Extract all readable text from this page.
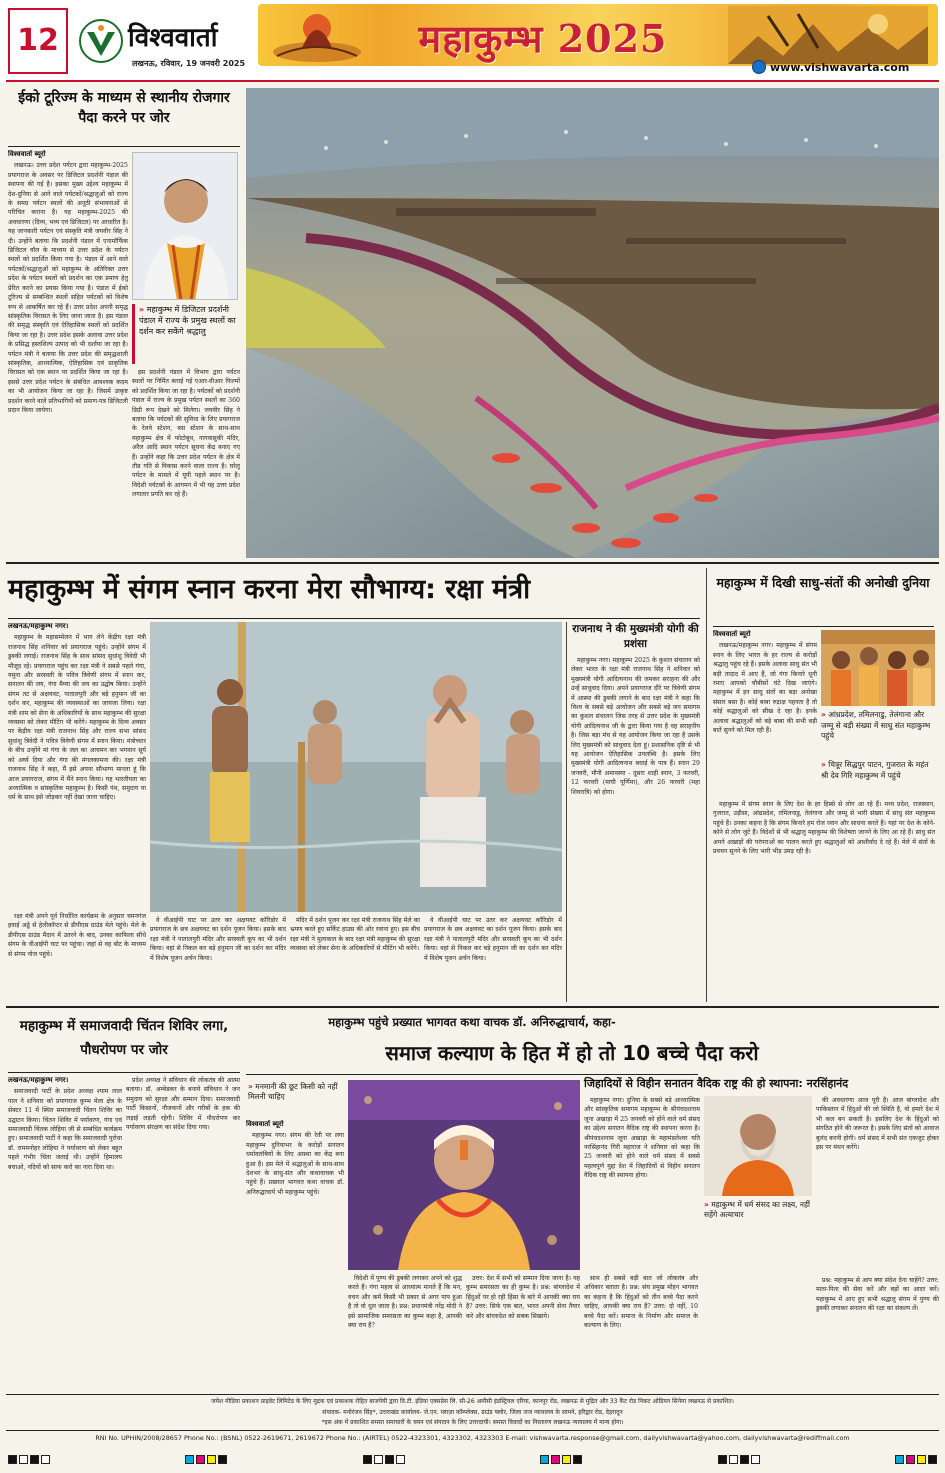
12	विश्ववार्ता
लखनऊ, रविवार, 19 जनवरी 2025
महाकुम्भ 2025
www.vishwavarta.com
ईको टूरिज्म के माध्यम से स्थानीय रोजगार पैदा करने पर जोर
विश्ववार्ता ब्यूरो

लखनऊ। उत्तर प्रदेश पर्यटन द्वारा महाकुम्भ-2025 प्रयागराज के अवसर पर डिजिटल प्रदर्शनी पंडाल की स्थापना की गई है। इसका मुख्य उद्देश्य महाकुम्भ में देश-दुनिया से आने वाले पर्यटकों/श्रद्धालुओं को राज्य के समग्र पर्यटन स्थलों की अनूठी संभावनाओं से परिचित कराना है। यह महाकुम्भ-2025 की अवधारणा (दिव्य, भव्य एवं डिजिटल) पर आधारित है। यह जानकारी पर्यटन एवं संस्कृति मंत्री जयवीर सिंह ने दी। उन्होंने बताया कि प्रदर्शनी पंडाल में एनामॉर्फिक डिजिटल वॉल के माध्यम से उत्तर प्रदेश के पर्यटन स्थलों को प्रदर्शित किया गया है। पंडाल में आने वाले पर्यटकों/श्रद्धालुओं को महाकुम्भ के अतिरिक्त उत्तर प्रदेश के पर्यटन स्थलों को प्रदर्शन का एक प्रमाण हेतु प्रेरित करने का प्रयास किया गया है। पंडाल में ईको टूरिज्म से सम्बन्धित स्थलों सहित पर्यटकों को विशेष रूप से आकर्षित कर रहे हैं। उत्तर प्रदेश अपनी समृद्ध सांस्कृतिक विरासत के लिए जाना जाता है। इस पंडाल की समृद्ध संस्कृति एवं ऐतिहासिक स्थलों को प्रदर्शित किया जा रहा है। उत्तर प्रदेश इसके अलावा उत्तर प्रदेश के प्रसिद्ध हस्तशिल्प उत्पाद को भी दर्शाया जा रहा है। पर्यटन मंत्री ने बताया कि उत्तर प्रदेश की समृद्धशाली सांस्कृतिक, आध्यात्मिक, ऐतिहासिक एवं प्राकृतिक विरासत को एक स्थान पर प्रदर्शित किया जा रहा है। इससे उत्तर प्रदेश पर्यटन के संबंधित आवश्यक कदम का भी आयोजन किया जा रहा है। जिसमें उत्कृष्ट प्रदर्शन करने वाले प्रतिभागियों को प्रमाण-पत्र डिजिटली प्रदान किया जायेगा।

» महाकुम्भ में डिजिटल प्रदर्शनी पंडाल में राज्य के प्रमुख स्थलों का दर्शन कर सकेंगे श्रद्धालु

इस प्रदर्शनी पंडाल में विभाग द्वारा पर्यटन स्थलों पर निर्मित कराई गई एआर-वीआर फिल्मों को प्रदर्शित किया जा रहा है। पर्यटकों को प्रदर्शनी पंडाल में राज्य के प्रमुख पर्यटन स्थलों का 360 डिग्री रूप देखने को मिलेगा। जयवीर सिंह ने बताया कि पर्यटकों की सुविधा के लिए प्रयागराज के रेलवे स्टेशन, बस स्टेशन के साथ-साथ महाकुम्भ क्षेत्र में फोटोबूथ, नागवासुकी मंदिर, अरैल आदि स्थान पर्यटन सूचना केंद्र बनाए गए हैं। उन्होंने कहा कि उत्तर प्रदेश पर्यटन के क्षेत्र में तीव्र गति से विकास करने वाला राज्य है। घरेलू पर्यटन के मामले में यूपी पहले स्थान पर है। विदेशी पर्यटकों के आगमन में भी यह उत्तर प्रदेश लगातार प्रगति कर रहे हैं।

महाकुम्भ में संगम स्नान करना मेरा सौभाग्य: रक्षा मंत्री
लखनऊ/महाकुम्भ नगर।

महाकुम्भ के महासम्मेलन में भाग लेने केंद्रीय रक्षा मंत्री राजनाथ सिंह शनिवार को प्रयागराज पहुंचे। उन्होंने संगम में डुबकी लगाई। राजनाथ सिंह के साथ सांसद सुधांशु त्रिवेदी भी मौजूद रहे। प्रयागराज पहुंच कर रक्षा मंत्री ने सबसे पहले गंगा, यमुना और सरस्वती के पवित्र त्रिवेणी संगम में स्नान कर, सनातन की जय, गंगा मैय्या की जय का उद्घोष किया। उन्होंने संगम तट से अक्षयवट, पातालपुरी और बड़े हनुमान जी का दर्शन कर, महाकुम्भ की व्यवस्थाओं का जायजा लिया। रक्षा मंत्री शाम को सेना के अधिकारियों के साथ महाकुम्भ की सुरक्षा व्यवस्था को लेकर मीटिंग भी करेंगे। महाकुम्भ के दिव्य अवसर पर केंद्रीय रक्षा मंत्री राजनाथ सिंह और राज्य सभा सांसद सुधांशु त्रिवेदी ने पवित्र त्रिवेणी संगम में स्नान किया। मंत्रोच्चार के बीच उन्होंने मां गंगा के जल का आचमन कर भगवान सूर्य को अर्घ्य दिया और गंगा की मंगलकामना की। रक्षा मंत्री राजनाथ सिंह ने कहा, मैं इसे अपना सौभाग्य मानता हूं कि आज प्रयागराज, संगम में मैंने स्नान किया। यह भारतीयता का अध्यात्मिक व सांस्कृतिक महाकुम्भ है। किसी पंथ, समुदाय या धर्म के साथ इसे जोड़कर नहीं देखा जाना चाहिए।

रक्षा मंत्री अपने पूर्व निर्धारित कार्यक्रम के अनुसार चमनगंज हवाई अड्डे से हेलीकॉप्टर से डीपीएस ग्राउंड मेले पहुंचे। मेले के डीपीएस ग्राउंड मैदान में उतरने के बाद, उनका काफिला सीधे संगम के वीआईपी घाट पर पहुंचा। जहां से वह बोट के माध्यम से संगम नोज पहुंचे।

वे वीआईपी घाट पर उतर कर अक्षयवट कॉरिडोर में प्रयागराज के छत्र अक्षयवट का दर्शन पूजन किया। इसके बाद रक्षा मंत्री ने पातालपुरी मंदिर और सरस्वती कूप का भी दर्शन किया। वहां से निकल कर बड़े हनुमान जी का दर्शन कर मंदिर में विशेष पूजन अर्चन किया।

मंदिर में दर्शन पूजन कर रक्षा मंत्री राजनाथ सिंह मेले का भ्रमण करते हुए सर्किट हाउस की ओर रवाना हुए। इस बीच रक्षा मंत्री ने मुलाकात के बाद रक्षा मंत्री महाकुम्भ की सुरक्षा व्यवस्था को लेकर सेना के अधिकारियों से मीटिंग भी करेंगे।

वे वीआईपी घाट पर उतर कर अक्षयवट कॉरिडोर में प्रयागराज के छत्र अक्षयवट का दर्शन पूजन किया। इसके बाद रक्षा मंत्री ने पातालपुरी मंदिर और सरस्वती कूप का भी दर्शन किया। वहां से निकल कर बड़े हनुमान जी का दर्शन कर मंदिर में विशेष पूजन अर्चन किया।

राजनाथ ने की मुख्यमंत्री योगी की प्रशंसा

महाकुम्भ नगर। महाकुम्भ 2025 के कुशल संचालन को लेकर भारत के रक्षा मंत्री राजनाथ सिंह ने शनिवार को मुख्यमंत्री योगी आदित्यनाथ की जमकर सराहना की और उन्हें साधुवाद दिया। अपने प्रयागराज दौरे पर त्रिवेणी संगम में आस्था की डुबकी लगाने के बाद रक्षा मंत्री ने कहा कि विश्व के सबसे बड़े आयोजन और सबसे बड़े जन समागम का कुशल संचालन जिस तरह से उत्तर प्रदेश के मुख्यमंत्री योगी आदित्यनाथ जी के द्वारा किया गया है वह सराहनीय है। जिस बड़ा मंच से यह आयोजन किया जा रहा है उसके लिए मुख्यमंत्री को साधुवाद देता हूं। प्रशासनिक दृष्टि से भी यह आयोजन ऐतिहासिक उपलब्धि है। इसके लिए मुख्यमंत्री योगी आदित्यनाथ बधाई के पात्र हैं। स्नान 29 जनवरी, मौनी अमावस्या - दूसरा शाही स्नान, 3 फरवरी, 12 फरवरी (माघी पूर्णिमा), और 26 फरवरी (महा शिवरात्रि) को होगा।

महाकुम्भ में दिखी साधु-संतों की अनोखी दुनिया
विश्ववार्ता ब्यूरो

लखनऊ/महाकुम्भ नगर। महाकुम्भ में संगम स्नान के लिए भारत के हर राज्य से करोड़ों श्रद्धालु पहुंच रहे हैं। इसके अलावा साधु संत भी बड़ी तादाद में आए हैं, जो गंगा किनारे धूनी रमाए आपको चौबीसों घंटे दिख जाएंगे। महाकुम्भ में इन साधु संतों का बड़ा अनोखा संसार बसा है। कोई बाबा रुद्राक्ष पहनता है तो कोई श्रद्धालुओं को सीख दे रहा है। इनके अलावा श्रद्धालुओं को बड़े बाबा की सभी बड़ी बातें सुनने को मिल रही हैं।

» आंध्रप्रदेश, तमिलनाडु, तेलंगाना और जम्मू से बड़ी संख्या में साधु संत महाकुम्भ पहुंचे
» चित्रूर सिद्धपुर पाटन, गुजरात के महंत श्री देव गिरि महाकुम्भ में पहुंचे

महाकुम्भ में संगम स्नान के लिए देश के हर हिस्से से लोग आ रहे हैं। मध्य प्रदेश, राजस्थान, गुजरात, उड़ीसा, आंध्रप्रदेश, तमिलनाडु, तेलंगाना और जम्मू से भारी संख्या में साधु संत महाकुम्भ पहुंचे हैं। उनका कहना है कि संगम किनारे हम रोज ध्यान और साधना करते हैं। यहां पर देश के कोने-कोने से लोग जुटे हैं। विदेशों से भी श्रद्धालु महाकुम्भ की विशेषता जानने के लिए आ रहे हैं। साधु संत अपने अखाड़ों की परंपराओं का पालन करते हुए श्रद्धालुओं को आशीर्वाद दे रहे हैं। मेले में संतों के प्रवचन सुनने के लिए भारी भीड़ उमड़ रही है।

महाकुम्भ में समाजवादी चिंतन शिविर लगा, पौधरोपण पर जोर
लखनऊ/महाकुम्भ नगर।

समाजवादी पार्टी के प्रदेश अध्यक्ष श्याम लाल पाल ने शनिवार को प्रयागराज कुम्भ मेला क्षेत्र के सेक्टर 11 में स्थित समाजवादी चिंतन शिविर का उद्घाटन किया। चिंतन शिविर में पर्यावरण, गंगा एवं समाजवादी चिंतक लोहिया जी से सम्बंधित कार्यक्रम हुए। समाजवादी पार्टी ने कहा कि समाजवादी पुरोधा डॉ. राममनोहर लोहिया ने पर्यावरण को लेकर बहुत पहले गंभीर चिंता जताई थी। उन्होंने हिमालय बचाओ, नदियों को साफ करो का नारा दिया था।

प्रदेश अध्यक्ष ने संविधान की लोकतंत्र की आत्मा बताया। डॉ. अम्बेडकर के बनाये संविधान ने जन समुदाय को सुरक्षा और सम्मान दिया। समाजवादी पार्टी किसानों, नौजवानों और गरीबों के हक की लड़ाई लड़ती रहेगी। शिविर में पौधरोपण कर पर्यावरण संरक्षण का संदेश दिया गया।

महाकुम्भ पहुंचे प्रख्यात भागवत कथा वाचक डॉ. अनिरुद्धाचार्य, कहा-
समाज कल्याण के हित में हो तो 10 बच्चे पैदा करो
» मनमानी की छूट किसी को नहीं मिलनी चाहिए
विश्ववार्ता ब्यूरो

महाकुम्भ नगर। संगम की रेती पर लगा महाकुम्भ दुनियाभर के करोड़ों सनातन धर्मावलंबियों के लिए आस्था का केंद्र बना हुआ है। इस मेले में श्रद्धालुओं के साथ-साथ देशभर के साधु-संत और कथावाचक भी पहुंचे हैं। प्रख्यात भागवत कथा वाचक डॉ. अनिरुद्धाचार्य भी महाकुम्भ पहुंचे।

विदेशी में पुण्य की डुबकी लगाकर अपने को शुद्ध करते हैं। गंगा महत्व से आध्यात्म मानते हैं कि मन, वचन और कर्म किसी भी प्रकार से अगर पाप हुआ है तो वो धुल जाता है। प्रश्न: प्रधानमंत्री नरेंद्र मोदी ने इसे सामाजिक समरसता का कुम्भ कहा है, आपकी क्या राय है?

उत्तर: देश में सभी को सम्मान दिया जाना है। यह कुम्भ समरसता का ही कुम्भ है। प्रश्न: बांग्लादेश में हिंदुओं पर हो रही हिंसा के बारे में आपकी क्या राय है? उत्तर: सिर्फ एक बात, भारत अपनी सेना तैयार करे और बांग्लादेश को सबक सिखाये।

साथ ही सबसे बड़ी बात जो लोकतंत्र और अधिकार बताता है। प्रश्न: संघ प्रमुख मोहन भागवत का कहना है कि हिंदुओं को तीन बच्चे पैदा करने चाहिए, आपकी क्या राय है? उत्तर: दो नहीं, 10 बच्चे पैदा करें। समाज के निर्माण और समाज के कल्याण के लिए।

जिहादियों से विहीन सनातन वैदिक राष्ट्र की हो स्थापना: नरसिंहानंद

महाकुम्भ नगर। दुनिया के सबसे बड़े आध्यात्मिक और सांस्कृतिक समागम महाकुम्भ के श्रीपंचदशनाम जूना अखाड़ा में 25 जनवरी को होने वाले धर्म संसद का उद्देश्य सनातन वैदिक राष्ट्र की स्थापना करना है। श्रीपंचदशनाम जूना अखाड़ा के महामंडलेश्वर यति नरसिंहानंद गिरी महाराज ने शनिवार को कहा कि 25 जनवरी को होने वाले धर्म संसद में सबसे महत्वपूर्ण मुद्दा देश में जिहादियों से विहीन सनातन वैदिक राष्ट्र की स्थापना होगा।

» महाकुम्भ में धर्म संसद का लक्ष्य, नहीं सहेंगे अत्याचार

की अवधारणा आज पूरी है। आज बांग्लादेश और पाकिस्तान में हिंदुओं की जो स्थिति है, वो हमारे देश में भी कल बन सकती है। इसलिए देश के हिंदुओं को संगठित होने की जरूरत है। इसके लिए संतों को आवाज बुलंद करनी होगी। धर्म संसद में सभी संत एकजुट होकर इस पर मंथन करेंगे।

प्रश्न: महाकुम्भ से आप क्या संदेश देना चाहेंगे? उत्तर: माता-पिता की सेवा करें और बड़ों का आदर करें। महाकुम्भ में आए हुए सभी श्रद्धालु संगम में पुण्य की डुबकी लगाकर सनातन की रक्षा का संकल्प लें।

जयेश मीडिया प्रकाशन प्राइवेट लिमिटेड के लिए मुद्रक एवं प्रकाशक रोहित बाजपेयी द्वारा वि.टी. इंडिया एक्सप्रेस लि. सी-26 अमौसी इंडस्ट्रियल एरिया, कानपुर रोड, लखनऊ से मुद्रित और 33 कैंट रोड निकट ओडियन सिनेमा लखनऊ से प्रकाशित।
संपादक- मनोरंजन सिंह*, उत्तराखंड कार्यालय- जे.एन. प्लाज़ा कॉम्प्लेक्स, ग्राउंड फ्लोर, जिला जज न्यायालय के सामने, हरिद्वार रोड, देहरादून
*इस अंक में प्रकाशित समस्त समाचारों के चयन एवं संपादन के लिए उत्तरदायी। समस्त विवादों का निस्तारण लखनऊ न्यायालय में मान्य होगा।
RNI No. UPHIN/2008/28657 Phone No.: (BSNL) 0522-2619671, 2619672 Phone No.: (AIRTEL) 0522-4323301, 4323302, 4323303 E-mail: vishwavarta.response@gmail.com, dailyvishwavarta@yahoo.com, dailyvishwavarta@rediffmail.com
